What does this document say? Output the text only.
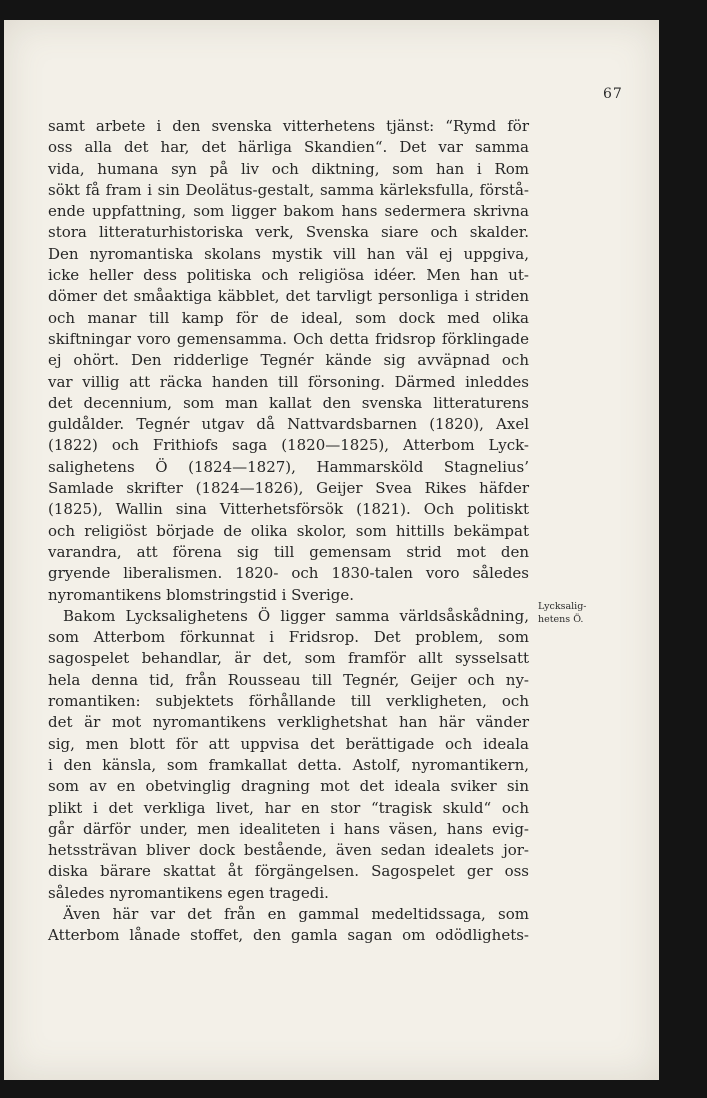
67
samt arbete i den svenska vitterhetens tjänst: “Rymd för
oss alla det har, det härliga Skandien“. Det var samma
vida, humana syn på liv och diktning, som han i Rom
sökt få fram i sin Deolätus-gestalt, samma kärleksfulla, förstå-
ende uppfattning, som ligger bakom hans sedermera skrivna
stora litteraturhistoriska verk, Svenska siare och skalder.
Den nyromantiska skolans mystik vill han väl ej uppgiva,
icke heller dess politiska och religiösa idéer. Men han ut-
dömer det småaktiga käbblet, det tarvligt personliga i striden
och manar till kamp för de ideal, som dock med olika
skiftningar voro gemensamma. Och detta fridsrop förklingade
ej ohört. Den ridderlige Tegnér kände sig avväpnad och
var villig att räcka handen till försoning. Därmed inleddes
det decennium, som man kallat den svenska litteraturens
guldålder. Tegnér utgav då Nattvardsbarnen (1820), Axel
(1822) och Frithiofs saga (1820—1825), Atterbom Lyck-
salighetens Ö (1824—1827), Hammarsköld Stagnelius’
Samlade skrifter (1824—1826), Geijer Svea Rikes häfder
(1825), Wallin sina Vitterhetsförsök (1821). Och politiskt
och religiöst började de olika skolor, som hittills bekämpat
varandra, att förena sig till gemensam strid mot den
gryende liberalismen. 1820- och 1830-talen voro således
nyromantikens blomstringstid i Sverige.
Bakom Lycksalighetens Ö ligger samma världsåskådning,
som Atterbom förkunnat i Fridsrop. Det problem, som
sagospelet behandlar, är det, som framför allt sysselsatt
hela denna tid, från Rousseau till Tegnér, Geijer och ny-
romantiken: subjektets förhållande till verkligheten, och
det är mot nyromantikens verklighetshat han här vänder
sig, men blott för att uppvisa det berättigade och ideala
i den känsla, som framkallat detta. Astolf, nyromantikern,
som av en obetvinglig dragning mot det ideala sviker sin
plikt i det verkliga livet, har en stor “tragisk skuld“ och
går därför under, men idealiteten i hans väsen, hans evig-
hetssträvan bliver dock bestående, även sedan idealets jor-
diska bärare skattat åt förgängelsen. Sagospelet ger oss
således nyromantikens egen tragedi.
Även här var det från en gammal medeltidssaga, som
Atterbom lånade stoffet, den gamla sagan om odödlighets-
Lycksalig-
hetens Ö.
